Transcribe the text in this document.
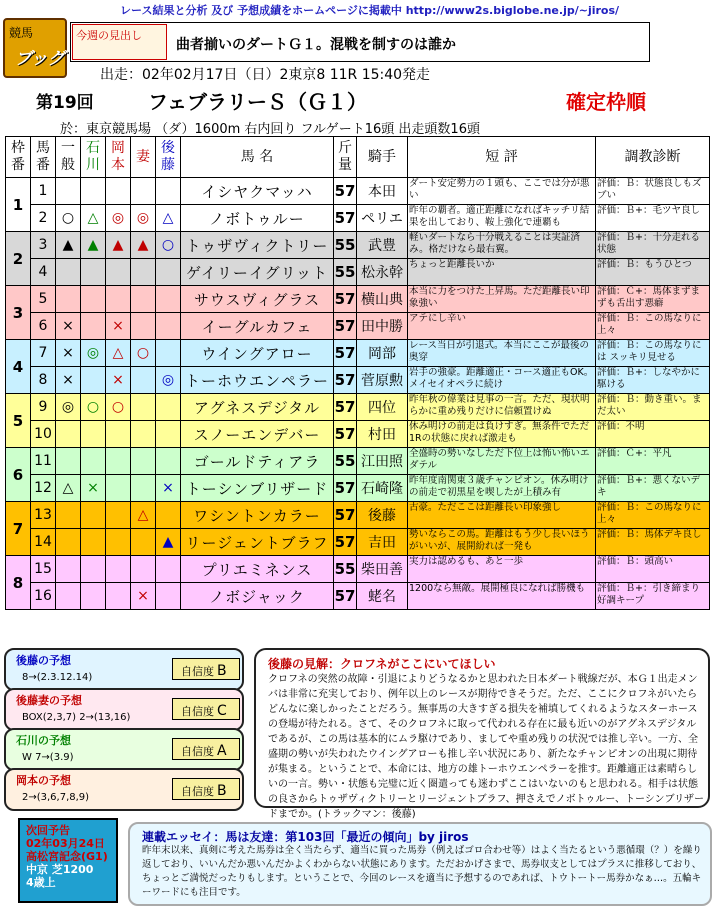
レース結果と分析 及び 予想成績をホームページに掲載中 http://www2s.biglobe.ne.jp/~jiros/
競馬
ブッグ
今週の見出し
曲者揃いのダートＧ１。混戦を制すのは誰か
出走：02年02月17日（日）2東京8 11R 15:40発走
第19回	フェブラリーＳ（Ｇ１）	確定枠順
於：東京競馬場 （ダ）1600m 右内回り フルゲート16頭 出走頭数16頭
枠番	馬番	一般	石川	岡本	妻	後藤	馬 名	斤量	騎手	短 評	調教診断
1	1						イシヤクマッハ	57	本田	ダート安定勢力の１頭も、ここでは分が悪い	評価：Ｂ：状態良しもズブい
	2	○	△	◎	◎	△	ノボトゥルー	57	ペリエ	昨年の覇者。適正距離になればキッチリ結果を出しており、鞍上強化で連覇も	評価：Ｂ+：毛ツヤ良し
2	3	▲	▲	▲	▲	○	トゥザヴィクトリー	55	武豊	軽いダートなら十分戦えることは実証済み。格だけなら最右翼。	評価：Ｂ+：十分走れる状態
	4						ゲイリーイグリット	55	松永幹	ちょっと距離長いか	評価：Ｂ：もうひとつ
3	5						サウスヴィグラス	57	横山典	本当に力をつけた上昇馬。ただ距離長い印象強い	評価：Ｃ+：馬体まずまずも舌出す悪癖
	6	×		×			イーグルカフェ	57	田中勝	アテにし辛い	評価：Ｂ：この馬なりに上々
4	7	×	◎	△	○		ウイングアロー	57	岡部	レース当日が引退式。本当にここが最後の奥穿	評価：Ｂ：この馬なりには スッキリ見せる
	8	×		×		◎	トーホウエンペラー	57	菅原勲	岩手の強豪。距離適正・コース適正もOK。メイセイオペラに続け	評価：Ｂ+：しなやかに駆ける
5	9	◎	○	○			アグネスデジタル	57	四位	昨年秋の偉業は見事の一言。ただ、現状明らかに重め残りだけに信頼置けぬ	評価：Ｂ：動き重い。まだ太い
	10						スノーエンデバー	57	村田	休み明けの前走は負けすぎ。無条件でただ1Rの状態に戻れば激走も	評価：不明
6	11						ゴールドティアラ	55	江田照	全盛時の勢いなしただ下位上は怖い怖いエダテル	評価：Ｃ+：平凡
	12	△	×			×	トーシンブリザード	57	石崎隆	昨年度南関東３歳チャンピオン。休み明けの前走で初黒星を喫したが上積み有	評価：Ｂ+：悪くないデキ
7	13				△		ワシントンカラー	57	後藤	古豪。ただここは距離長い印象強し	評価：Ｂ：この馬なりに上々
	14					▲	リージェントブラフ	57	吉田	勢いならこの馬。距離はもう少し長いほうがいいが、展開紛れば一発も	評価：Ｂ：馬体デキ良し
8	15						プリエミネンス	55	柴田善	実力は認めるも、あと一歩	評価：Ｂ：頭高い
	16				×		ノボジャック	57	蛯名	1200なら無敵。展開極良になれば勝機も	評価：Ｂ+：引き締まり好調キープ
後藤の予想
8→(2.3.12.14)	自信度 B
後藤妻の予想
BOX(2,3,7) 2→(13,16)	自信度 C
石川の予想
W 7→(3.9)	自信度 A
岡本の予想
2→(3,6,7,8,9)	自信度 B
後藤の見解：クロフネがここにいてほしい
クロフネの突然の故障・引退によりどうなるかと思われた日本ダート戦線だが、本Ｇ１出走メンバは非常に充実しており、例年以上のレースが期待できそうだ。ただ、ここにクロフネがいたらどんなに楽しかったことだろう。無事馬の大きすぎる損失を補填してくれるようなスターホースの登場が待たれる。さて、そのクロフネに取って代われる存在に最も近いのがアグネスデジタルであるが、この馬は基本的にムラ駆けであり、ましてや重め残りの状況では推し辛い。一方、全盛期の勢いが失われたウイングアローも推し辛い状況にあり、新たなチャンピオンの出現に期待が集まる。ということで、本命には、地方の雄トーホウエンペラーを推す。距離適正は素晴らしいの一言。勢い・状態も完璧に近く圏遣っても迷わずここはいないのもと思われる。相手は状態の良さからトゥザヴィクトリーとリージェントブラフ、押さえでノボトゥルー、トーシンブリザードまでか。(トラックマン：後藤)
次回予告
02年03月24日
高松宮記念(G1)
中京 芝1200
4歳上
連載エッセイ：馬は友達：第103回「最近の傾向」by jiros
昨年末以来、真剣に考えた馬券は全く当たらず、適当に買った馬券（例えばゴロ合わせ等）はよく当たるという悪循環（？）を繰り返しており、いいんだか悪いんだかよくわからない状態にあります。ただおかげさまで、馬券収支としてはプラスに推移しており、ちょっとご満悦だったりもします。ということで、今回のレースを適当に予想するのであれば、トウトートー馬券かなぁ…。五輪キーワードにも注目です。
